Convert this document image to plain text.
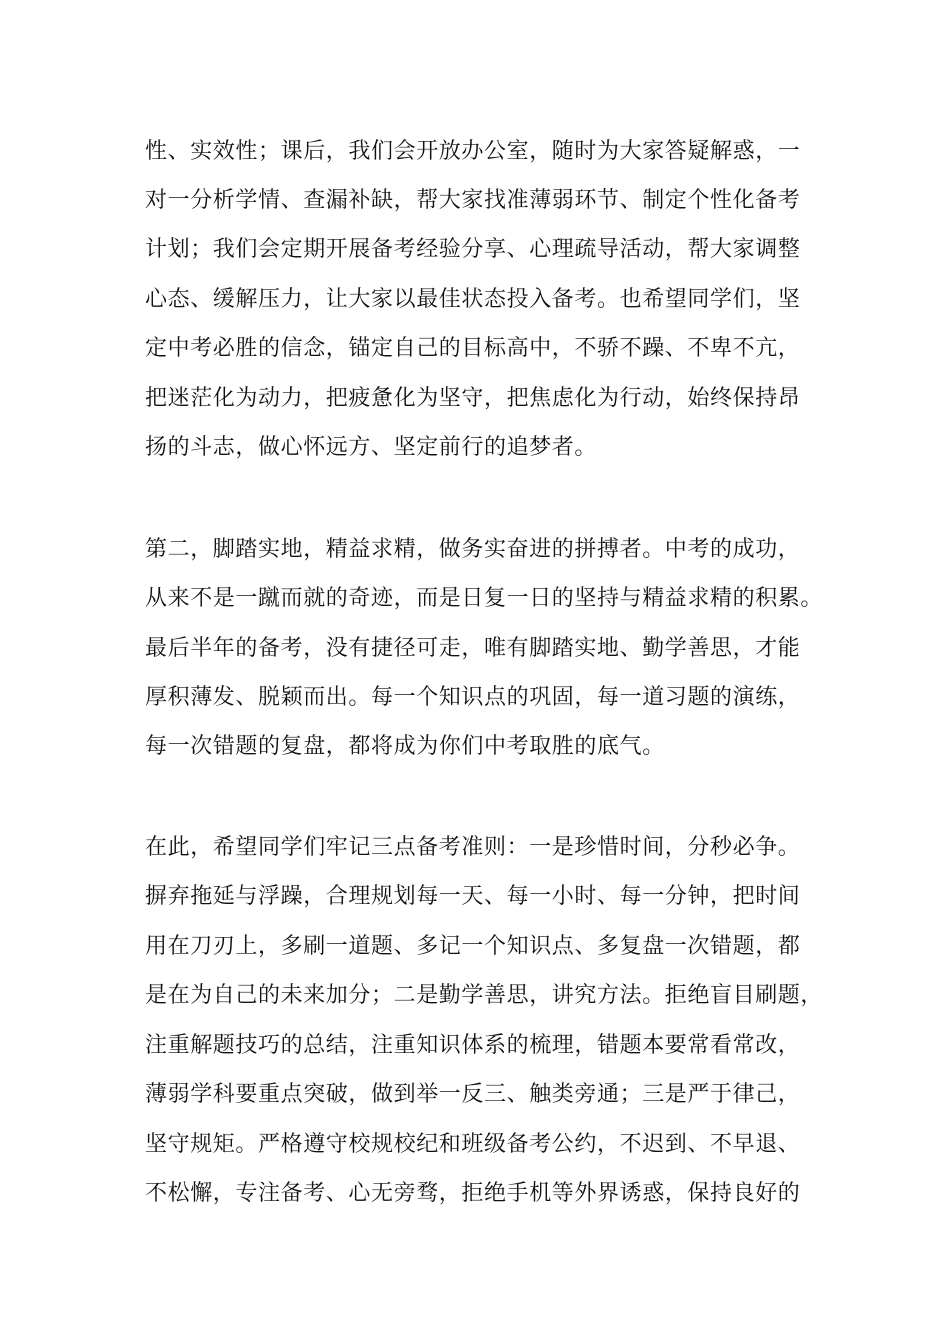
性、实效性；课后，我们会开放办公室，随时为大家答疑解惑，一

对一分析学情、查漏补缺，帮大家找准薄弱环节、制定个性化备考

计划；我们会定期开展备考经验分享、心理疏导活动，帮大家调整

心态、缓解压力，让大家以最佳状态投入备考。也希望同学们，坚

定中考必胜的信念，锚定自己的目标高中，不骄不躁、不卑不亢，

把迷茫化为动力，把疲惫化为坚守，把焦虑化为行动，始终保持昂

扬的斗志，做心怀远方、坚定前行的追梦者。

第二，脚踏实地，精益求精，做务实奋进的拼搏者。中考的成功，

从来不是一蹴而就的奇迹，而是日复一日的坚持与精益求精的积累。

最后半年的备考，没有捷径可走，唯有脚踏实地、勤学善思，才能

厚积薄发、脱颖而出。每一个知识点的巩固，每一道习题的演练，

每一次错题的复盘，都将成为你们中考取胜的底气。

在此，希望同学们牢记三点备考准则：一是珍惜时间，分秒必争。

摒弃拖延与浮躁，合理规划每一天、每一小时、每一分钟，把时间

用在刀刃上，多刷一道题、多记一个知识点、多复盘一次错题，都

是在为自己的未来加分；二是勤学善思，讲究方法。拒绝盲目刷题，

注重解题技巧的总结，注重知识体系的梳理，错题本要常看常改，

薄弱学科要重点突破，做到举一反三、触类旁通；三是严于律己，

坚守规矩。严格遵守校规校纪和班级备考公约，不迟到、不早退、

不松懈，专注备考、心无旁骛，拒绝手机等外界诱惑，保持良好的
